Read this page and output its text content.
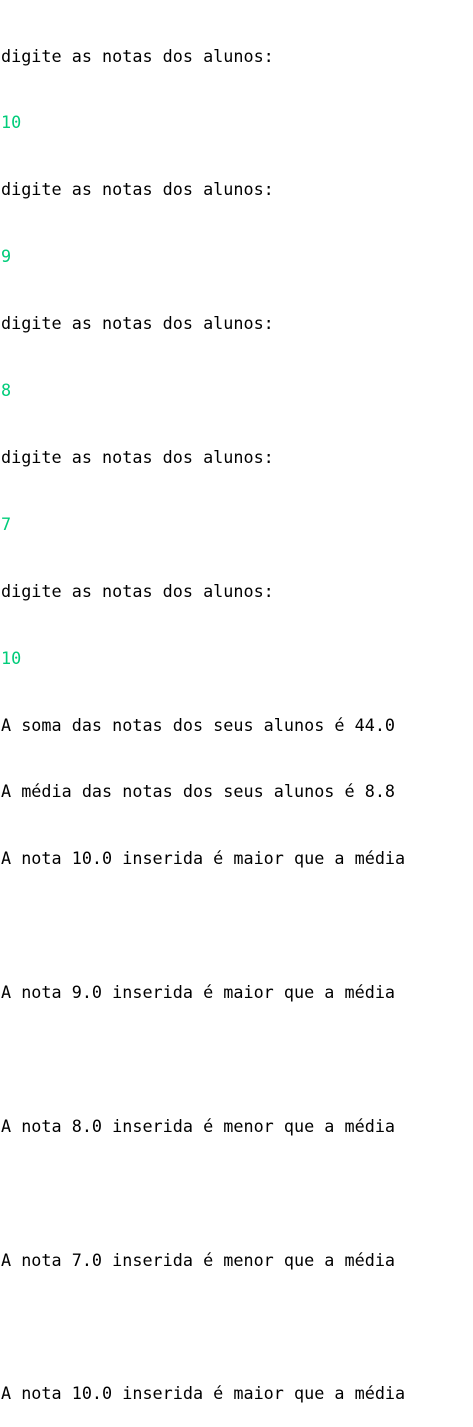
digite as notas dos alunos:

10

digite as notas dos alunos:

9

digite as notas dos alunos:

8

digite as notas dos alunos:

7

digite as notas dos alunos:

10

A soma das notas dos seus alunos é 44.0

A média das notas dos seus alunos é 8.8

A nota 10.0 inserida é maior que a média

A nota 9.0 inserida é maior que a média

A nota 8.0 inserida é menor que a média

A nota 7.0 inserida é menor que a média

A nota 10.0 inserida é maior que a média
